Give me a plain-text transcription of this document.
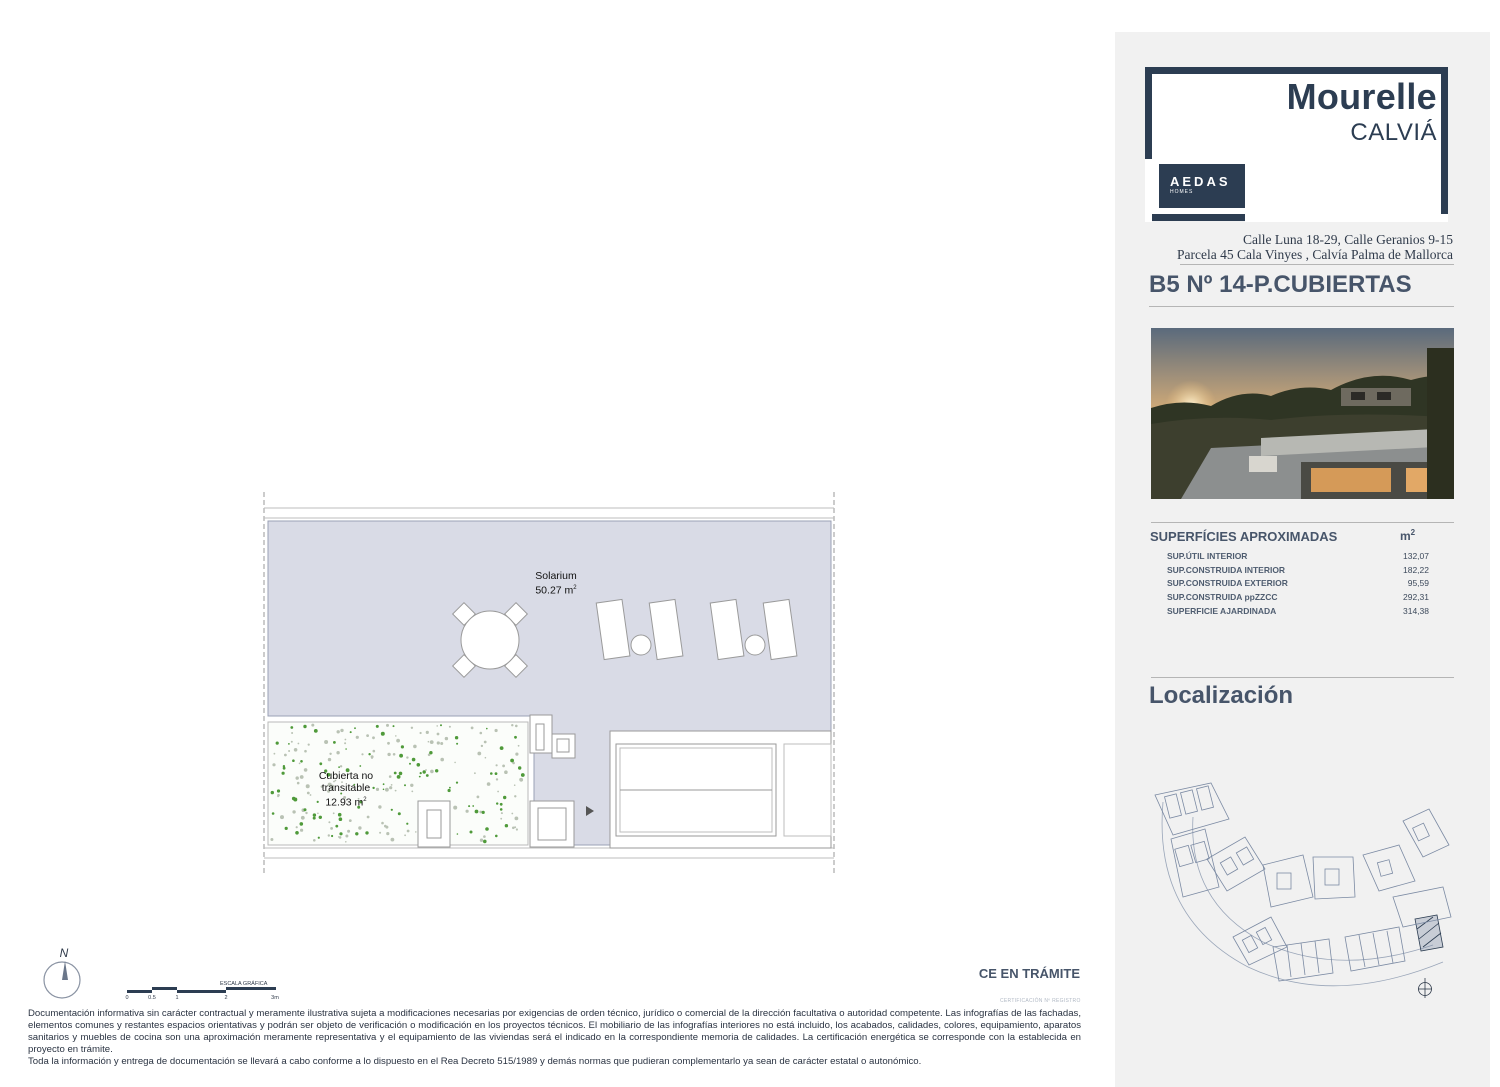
Solarium
50.27 $m^2$
Cubierta no
transitable
12.93 $m^2$
N
ESCALA GRÁFICA
0	0.5	1	2	3m
CE EN TRÁMITE
CERTIFICACIÓN Nº REGISTRO

Documentación informativa sin carácter contractual y meramente ilustrativa sujeta a modificaciones necesarias por exigencias de orden técnico, jurídico o comercial de la dirección facultativa o autoridad competente. Las infografías de las fachadas, elementos comunes y restantes espacios orientativas y podrán ser objeto de verificación o modificación en los proyectos técnicos. El mobiliario de las infografías interiores no está incluido, los acabados, calidades, colores, equipamiento, aparatos sanitarios y muebles de cocina son una aproximación meramente representativa y el equipamiento de las viviendas será el indicado en la correspondiente memoria de calidades. La certificación energética se corresponde con la establecida en proyecto en trámite.

Toda la información y entrega de documentación se llevará a cabo conforme a lo dispuesto en el Rea Decreto 515/1989 y demás normas que pudieran complementarlo ya sean de carácter estatal o autonómico.

Mourelle
CALVIÁ
AEDAS
HOMES
Calle Luna 18-29, Calle Geranios 9-15
Parcela 45 Cala Vinyes , Calvía Palma de Mallorca
B5 Nº 14-P.CUBIERTAS
SUPERFÍCIES APROXIMADAS	$m^2$
SUP.ÚTIL INTERIOR	132,07
SUP.CONSTRUIDA INTERIOR	182,22
SUP.CONSTRUIDA EXTERIOR	95,59
SUP.CONSTRUIDA ppZZCC	292,31
SUPERFICIE AJARDINADA	314,38
Localización
